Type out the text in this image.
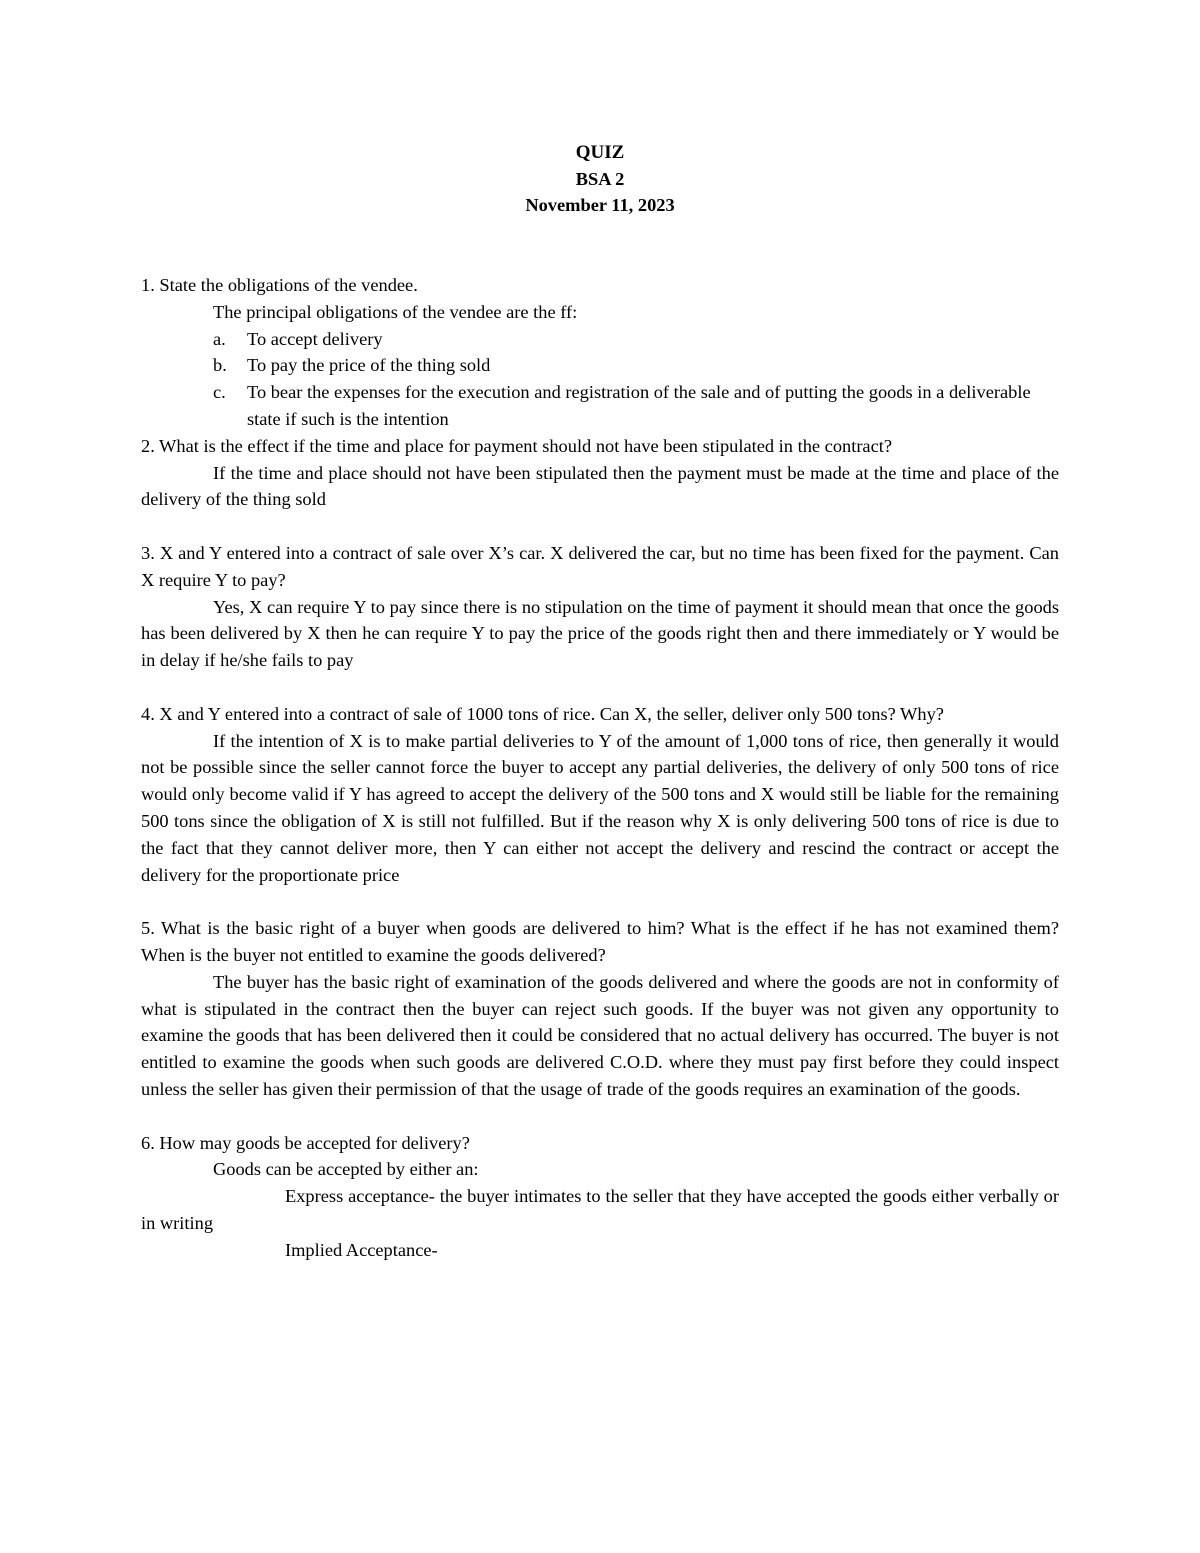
QUIZ
BSA 2
November 11, 2023

1. State the obligations of the vendee.

The principal obligations of the vendee are the ff:

a. To accept delivery
b. To pay the price of the thing sold
c. To bear the expenses for the execution and registration of the sale and of putting the goods in a deliverable state if such is the intention

2. What is the effect if the time and place for payment should not have been stipulated in the contract?

If the time and place should not have been stipulated then the payment must be made at the time and place of the delivery of the thing sold

3. X and Y entered into a contract of sale over X’s car. X delivered the car, but no time has been fixed for the payment. Can X require Y to pay?

Yes, X can require Y to pay since there is no stipulation on the time of payment it should mean that once the goods has been delivered by X then he can require Y to pay the price of the goods right then and there immediately or Y would be in delay if he/she fails to pay

4. X and Y entered into a contract of sale of 1000 tons of rice. Can X, the seller, deliver only 500 tons? Why?

If the intention of X is to make partial deliveries to Y of the amount of 1,000 tons of rice, then generally it would not be possible since the seller cannot force the buyer to accept any partial deliveries, the delivery of only 500 tons of rice would only become valid if Y has agreed to accept the delivery of the 500 tons and X would still be liable for the remaining 500 tons since the obligation of X is still not fulfilled. But if the reason why X is only delivering 500 tons of rice is due to the fact that they cannot deliver more, then Y can either not accept the delivery and rescind the contract or accept the delivery for the proportionate price

5. What is the basic right of a buyer when goods are delivered to him? What is the effect if he has not examined them? When is the buyer not entitled to examine the goods delivered?

The buyer has the basic right of examination of the goods delivered and where the goods are not in conformity of what is stipulated in the contract then the buyer can reject such goods. If the buyer was not given any opportunity to examine the goods that has been delivered then it could be considered that no actual delivery has occurred. The buyer is not entitled to examine the goods when such goods are delivered C.O.D. where they must pay first before they could inspect unless the seller has given their permission of that the usage of trade of the goods requires an examination of the goods.

6. How may goods be accepted for delivery?

Goods can be accepted by either an:

Express acceptance- the buyer intimates to the seller that they have accepted the goods either verbally or in writing

Implied Acceptance-
